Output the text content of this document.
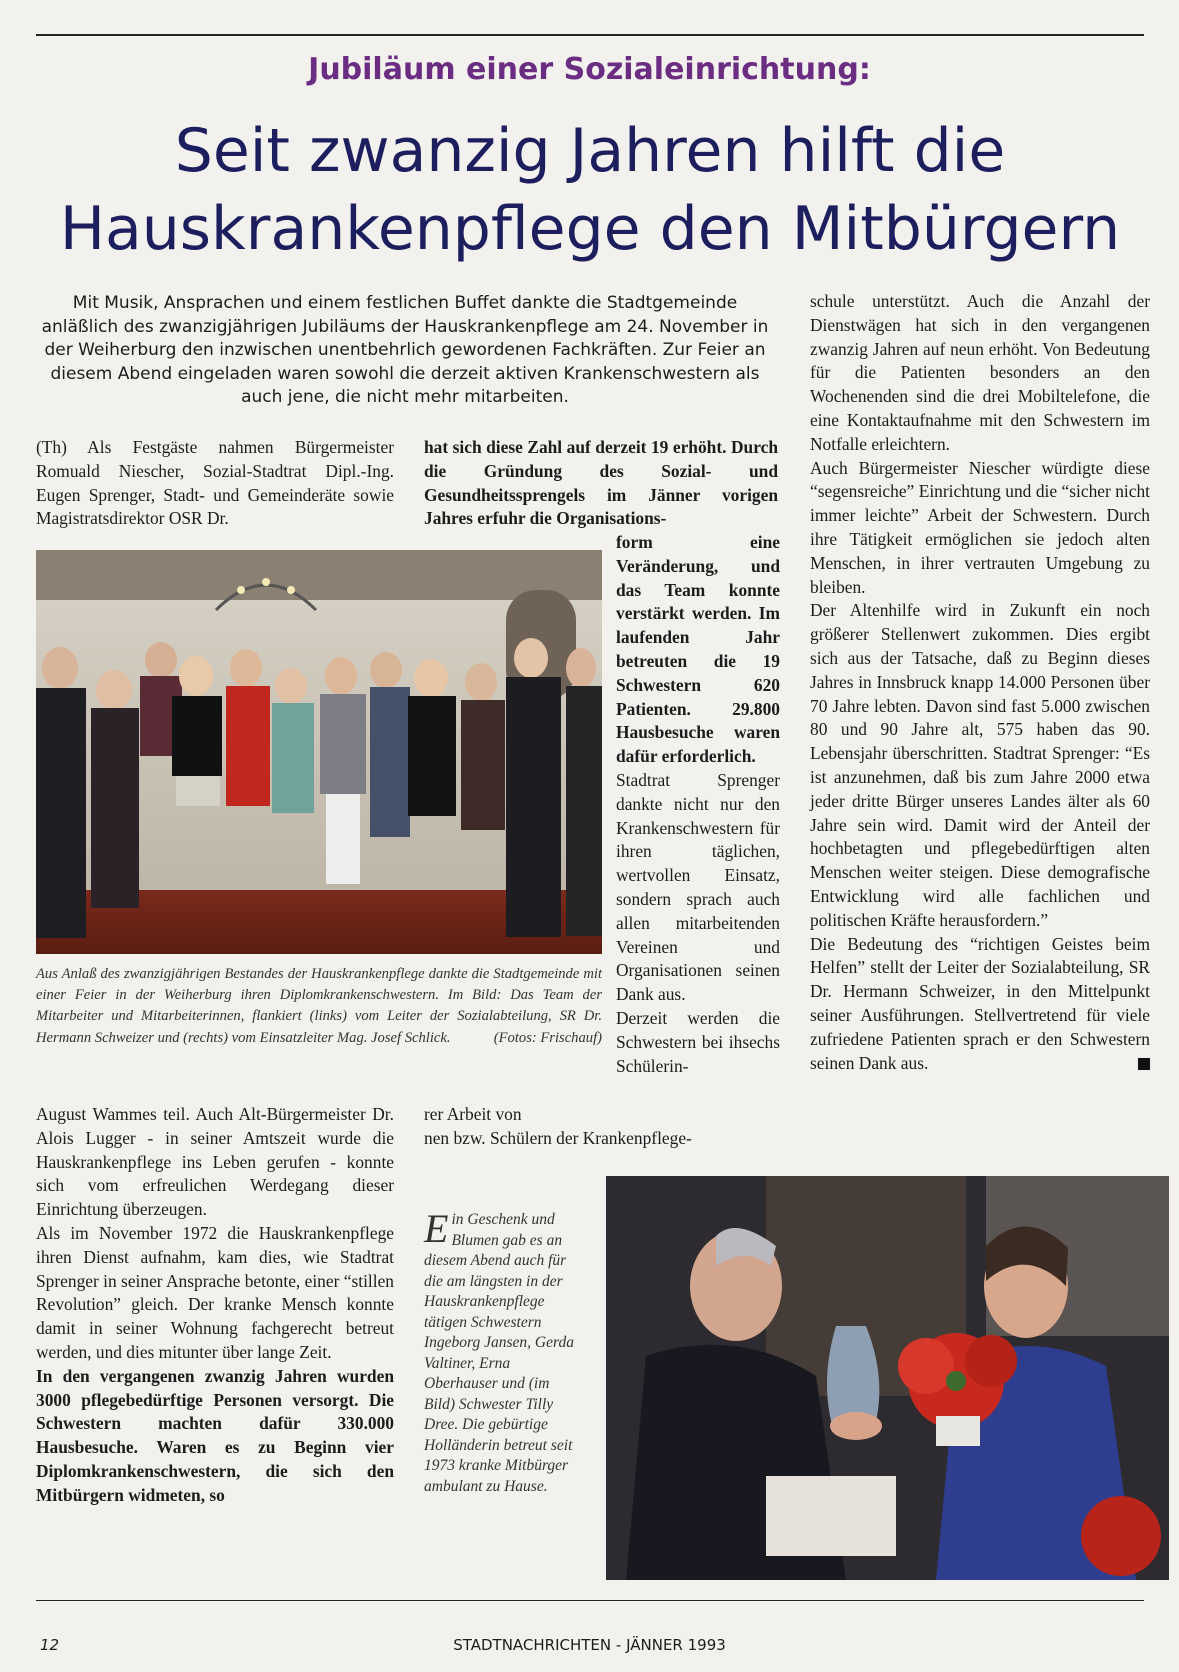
Jubiläum einer Sozialeinrichtung:
Seit zwanzig Jahren hilft die
Hauskrankenpflege den Mitbürgern
Mit Musik, Ansprachen und einem festlichen Buffet dankte die Stadtgemeinde anläßlich des zwanzigjährigen Jubiläums der Hauskrankenpflege am 24. November in der Weiherburg den inzwischen unentbehrlich gewordenen Fachkräften. Zur Feier an diesem Abend eingeladen waren sowohl die derzeit aktiven Krankenschwestern als auch jene, die nicht mehr mitarbeiten.

(Th) Als Festgäste nahmen Bürgermeister Romuald Niescher, Sozial-Stadtrat Dipl.-Ing. Eugen Sprenger, Stadt- und Gemeinderäte sowie Magistratsdirektor OSR Dr.

hat sich diese Zahl auf derzeit 19 erhöht. Durch die Gründung des Sozial- und Gesundheitssprengels im Jänner vorigen Jahres erfuhr die Organisations-

form eine Veränderung, und das Team konnte verstärkt werden. Im laufenden Jahr betreuten die 19 Schwestern 620 Patienten. 29.800 Hausbesuche waren dafür erforderlich.

Stadtrat Sprenger dankte nicht nur den Krankenschwestern für ihren täglichen, wertvollen Einsatz, sondern sprach auch allen mitarbeitenden Vereinen und Organisationen seinen Dank aus.

Derzeit werden die Schwestern bei ihsechs Schülerin-

Aus Anlaß des zwanzigjährigen Bestandes der Hauskrankenpflege dankte die Stadtgemeinde mit einer Feier in der Weiherburg ihren Diplomkrankenschwestern. Im Bild: Das Team der Mitarbeiter und Mitarbeiterinnen, flankiert (links) vom Leiter der Sozialabteilung, SR Dr. Hermann Schweizer und (rechts) vom Einsatzleiter Mag. Josef Schlick.	(Fotos: Frischauf)

rer Arbeit von

nen bzw. Schülern der Krankenpflege-

August Wammes teil. Auch Alt-Bürgermeister Dr. Alois Lugger - in seiner Amtszeit wurde die Hauskrankenpflege ins Leben gerufen - konnte sich vom erfreulichen Werdegang dieser Einrichtung überzeugen.

Als im November 1972 die Hauskrankenpflege ihren Dienst aufnahm, kam dies, wie Stadtrat Sprenger in seiner Ansprache betonte, einer “stillen Revolution” gleich. Der kranke Mensch konnte damit in seiner Wohnung fachgerecht betreut werden, und dies mitunter über lange Zeit.

In den vergangenen zwanzig Jahren wurden 3000 pflegebedürftige Personen versorgt. Die Schwestern machten dafür 330.000 Hausbesuche. Waren es zu Beginn vier Diplomkrankenschwestern, die sich den Mitbürgern widmeten, so

Ein Geschenk und Blumen gab es an diesem Abend auch für die am längsten in der Hauskrankenpflege tätigen Schwestern Ingeborg Jansen, Gerda Valtiner, Erna Oberhauser und (im Bild) Schwester Tilly Dree. Die gebürtige Holländerin betreut seit 1973 kranke Mitbürger ambulant zu Hause.

schule unterstützt. Auch die Anzahl der Dienstwägen hat sich in den vergangenen zwanzig Jahren auf neun erhöht. Von Bedeutung für die Patienten besonders an den Wochenenden sind die drei Mobiltelefone, die eine Kontaktaufnahme mit den Schwestern im Notfalle erleichtern.

Auch Bürgermeister Niescher würdigte diese “segensreiche” Einrichtung und die “sicher nicht immer leichte” Arbeit der Schwestern. Durch ihre Tätigkeit ermöglichen sie jedoch alten Menschen, in ihrer vertrauten Umgebung zu bleiben.

Der Altenhilfe wird in Zukunft ein noch größerer Stellenwert zukommen. Dies ergibt sich aus der Tatsache, daß zu Beginn dieses Jahres in Innsbruck knapp 14.000 Personen über 70 Jahre lebten. Davon sind fast 5.000 zwischen 80 und 90 Jahre alt, 575 haben das 90. Lebensjahr überschritten. Stadtrat Sprenger: “Es ist anzunehmen, daß bis zum Jahre 2000 etwa jeder dritte Bürger unseres Landes älter als 60 Jahre sein wird. Damit wird der Anteil der hochbetagten und pflegebedürftigen alten Menschen weiter steigen. Diese demografische Entwicklung wird alle fachlichen und politischen Kräfte herausfordern.”

Die Bedeutung des “richtigen Geistes beim Helfen” stellt der Leiter der Sozialabteilung, SR Dr. Hermann Schweizer, in den Mittelpunkt seiner Ausführungen. Stellvertretend für viele zufriedene Patienten sprach er den Schwestern seinen Dank aus.

12	STADTNACHRICHTEN - JÄNNER 1993
